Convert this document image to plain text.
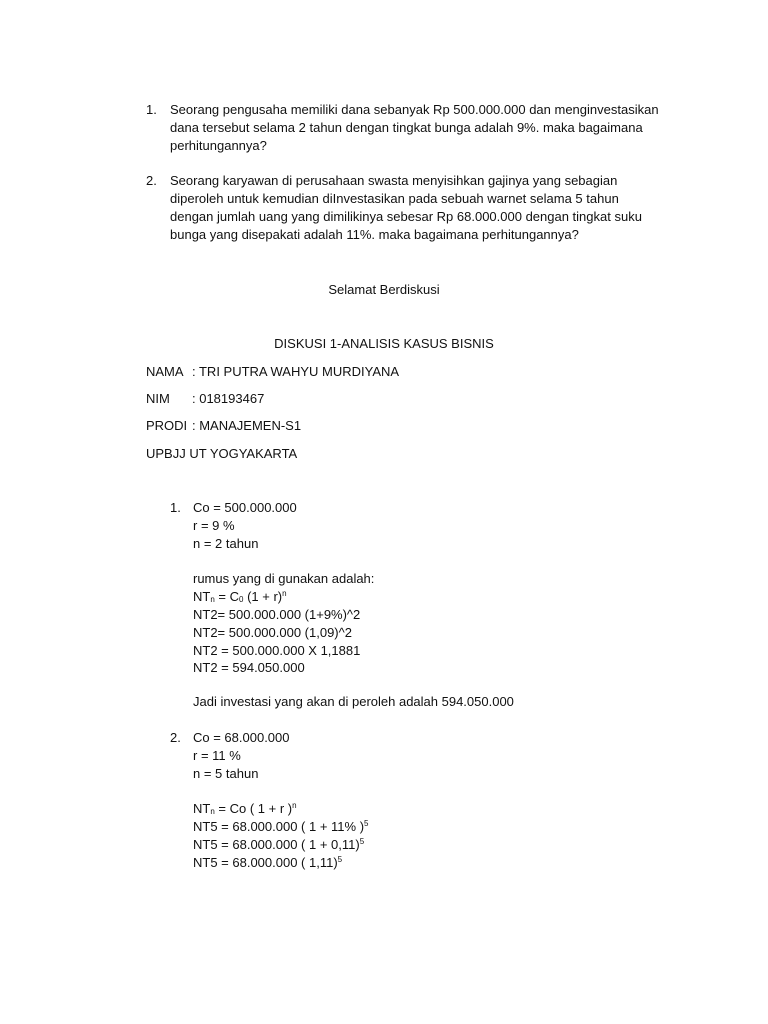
1. Seorang pengusaha memiliki dana sebanyak Rp 500.000.000 dan menginvestasikan
dana tersebut selama 2 tahun dengan tingkat bunga adalah 9%. maka bagaimana
perhitungannya?
2. Seorang karyawan di perusahaan swasta menyisihkan gajinya yang sebagian
diperoleh untuk kemudian diInvestasikan pada sebuah warnet selama 5 tahun
dengan jumlah uang yang dimilikinya sebesar Rp 68.000.000 dengan tingkat suku
bunga yang disepakati adalah 11%. maka bagaimana perhitungannya?
Selamat Berdiskusi
DISKUSI 1-ANALISIS KASUS BISNIS
NAMA : TRI PUTRA WAHYU MURDIYANA
NIM : 018193467
PRODI : MANAJEMEN-S1
UPBJJ UT YOGYAKARTA
1. Co = 500.000.000
r = 9 %
n = 2 tahun
rumus yang di gunakan adalah:
$NT_n = C_0$ $(1 + r)^n$
NT2= 500.000.000 (1+9%)^2
NT2= 500.000.000 (1,09)^2
NT2 = 500.000.000 X 1,1881
NT2 = 594.050.000
Jadi investasi yang akan di peroleh adalah 594.050.000
2. Co = 68.000.000
r = 11 %
n = 5 tahun
$NT_n = Co$ ( 1 + r )$^n$
NT5 = 68.000.000 ( 1 + 11% )$^5$
NT5 = 68.000.000 ( 1 + 0,11)$^5$
NT5 = 68.000.000 ( 1,11)$^5$
